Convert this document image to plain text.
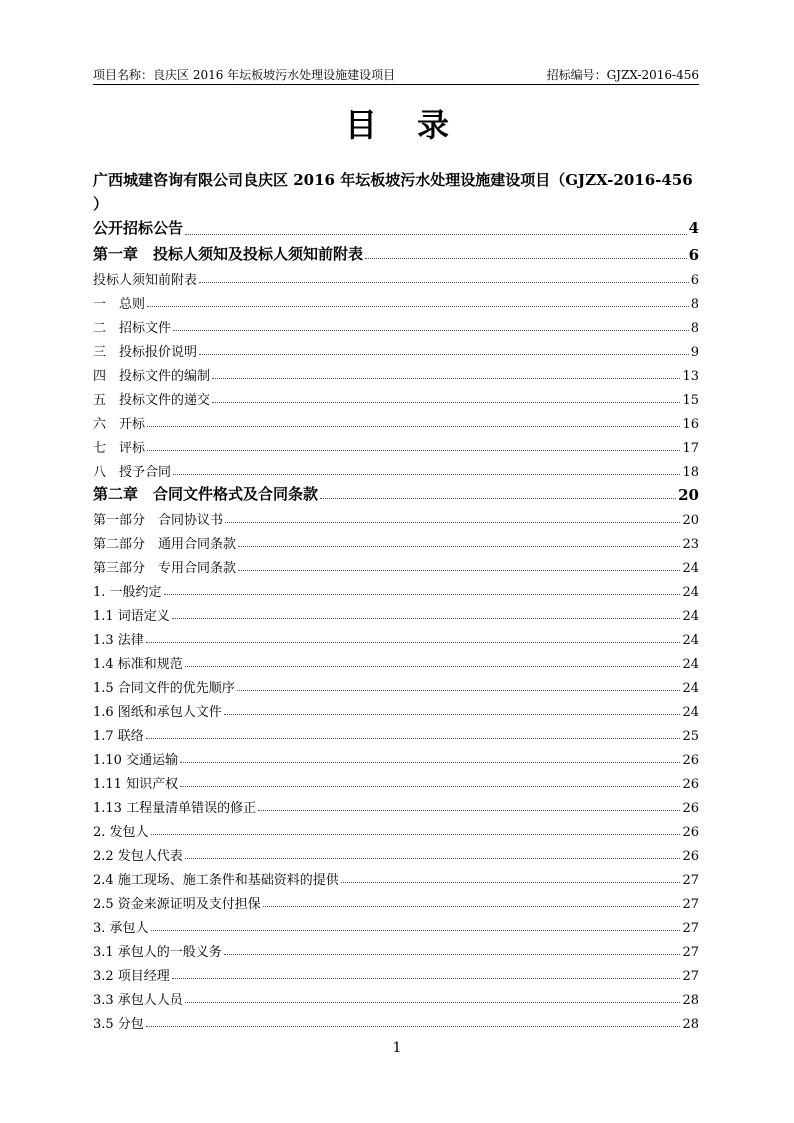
项目名称：良庆区 2016 年坛板坡污水处理设施建设项目	招标编号：GJZX-2016-456
目录
广西城建咨询有限公司良庆区 2016 年坛板坡污水处理设施建设项目（GJZX-2016-456 ）
公开招标公告	4
第一章　投标人须知及投标人须知前附表	6
投标人须知前附表	6
一　总则	8
二　招标文件	8
三　投标报价说明	9
四　投标文件的编制	13
五　投标文件的递交	15
六　开标	16
七　评标	17
八　授予合同	18
第二章　合同文件格式及合同条款	20
第一部分　合同协议书	20
第二部分　通用合同条款	23
第三部分　专用合同条款	24
1. 一般约定	24
1.1 词语定义	24
1.3 法律	24
1.4 标准和规范	24
1.5 合同文件的优先顺序	24
1.6 图纸和承包人文件	24
1.7 联络	25
1.10 交通运输	26
1.11 知识产权	26
1.13 工程量清单错误的修正	26
2. 发包人	26
2.2 发包人代表	26
2.4 施工现场、施工条件和基础资料的提供	27
2.5 资金来源证明及支付担保	27
3. 承包人	27
3.1 承包人的一般义务	27
3.2 项目经理	27
3.3 承包人人员	28
3.5 分包	28
1
